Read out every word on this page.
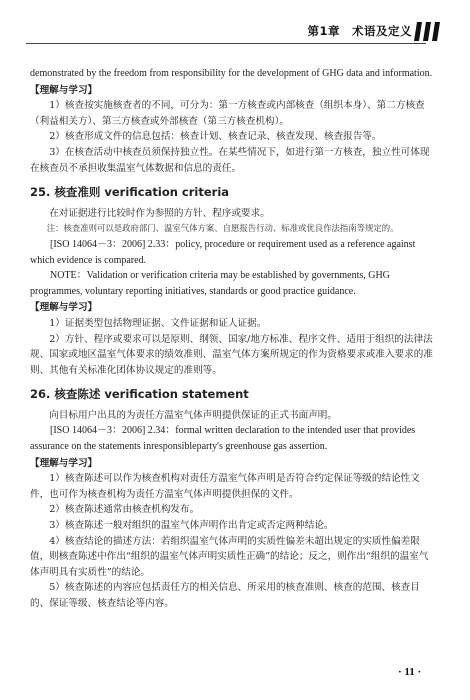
第1章　术语及定义

demonstrated by the freedom from responsibility for the development of GHG data and information.

【理解与学习】

1）核查按实施核查者的不同，可分为：第一方核查或内部核查（组织本身）、第二方核查（利益相关方）、第三方核查或外部核查（第三方核查机构）。

2）核查形成文件的信息包括：核查计划、核查记录、核查发现、核查报告等。

3）在核查活动中核查员须保持独立性。在某些情况下，如进行第一方核查，独立性可体现在核查员不承担收集温室气体数据和信息的责任。

25. 核查准则 verification criteria

在对证据进行比较时作为参照的方针、程序或要求。

注：核查准则可以是政府部门、温室气体方案、自愿报告行动、标准或优良作法指南等规定的。

[ISO 14064－3：2006] 2.33：policy, procedure or requirement used as a reference against which evidence is compared.

NOTE：Validation or verification criteria may be established by governments, GHG programmes, voluntary reporting initiatives, standards or good practice guidance.

【理解与学习】

1）证据类型包括物理证据、文件证据和证人证据。

2）方针、程序或要求可以是原则、纲领、国家/地方标准、程序文件、适用于组织的法律法规、国家或地区温室气体要求的绩效准则、温室气体方案所规定的作为资格要求或准入要求的准则、其他有关标准化团体协议规定的准则等。

26. 核查陈述 verification statement

向目标用户出具的为责任方温室气体声明提供保证的正式书面声明。

[ISO 14064－3：2006] 2.34：formal written declaration to the intended user that provides assurance on the statements inresponsibleparty's greenhouse gas assertion.

【理解与学习】

1）核查陈述可以作为核查机构对责任方温室气体声明是否符合约定保证等级的结论性文件，也可作为核查机构为责任方温室气体声明提供担保的文件。

2）核查陈述通常由核查机构发布。

3）核查陈述一般对组织的温室气体声明作出肯定或否定两种结论。

4）核查结论的描述方法：若组织温室气体声明的实质性偏差未超出规定的实质性偏差限值，则核查陈述中作出“组织的温室气体声明实质性正确”的结论；反之，则作出“组织的温室气体声明具有实质性”的结论。

5）核查陈述的内容应包括责任方的相关信息、所采用的核查准则、核查的范围、核查目的、保证等级、核查结论等内容。

· 11 ·
